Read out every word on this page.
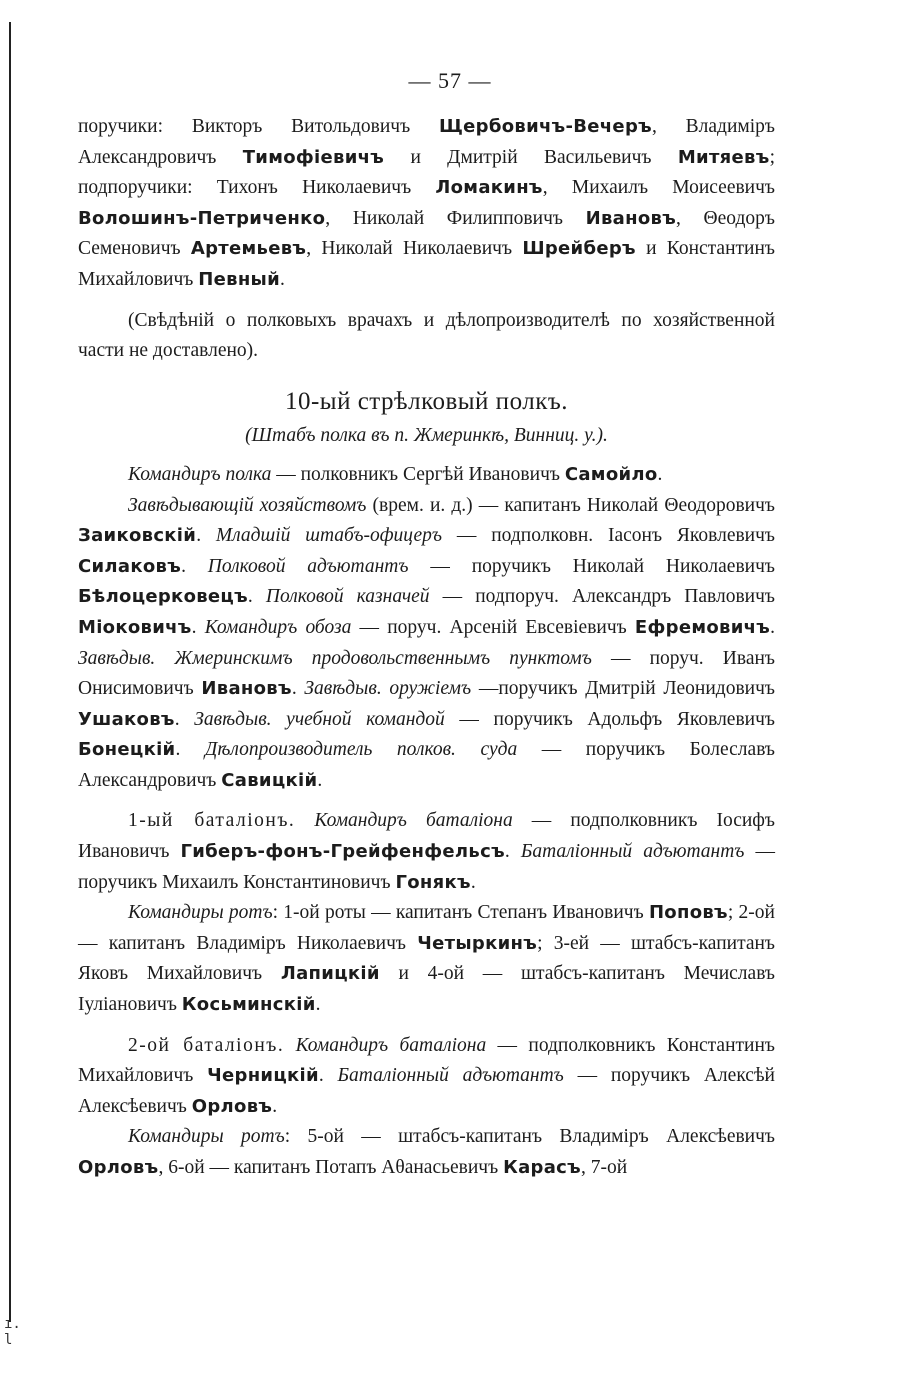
ı. l
— 57 —

поручики: Викторъ Витольдовичъ Щербовичъ-Вечеръ, Владиміръ Александровичъ Тимофіевичъ и Дмитрій Васильевичъ Митяевъ; подпоручики: Тихонъ Николаевичъ Ломакинъ, Михаилъ Моисеевичъ Волошинъ-Петриченко, Николай Филипповичъ Ивановъ, Θеодоръ Семеновичъ Артемьевъ, Николай Николаевичъ Шрейберъ и Константинъ Михайловичъ Певный.

(Свѣдѣній о полковыхъ врачахъ и дѣлопроизводителѣ по хозяйственной части не доставлено).

10-ый стрѣлковый полкъ.

(Штабъ полка въ п. Жмеринкѣ, Винниц. у.).

Командиръ полка — полковникъ Сергѣй Ивановичъ Самойло.

Завѣдывающій хозяйствомъ (врем. и. д.) — капитанъ Николай Θеодоровичъ Заиковскій. Младшій штабъ-офицеръ — подполковн. Іасонъ Яковлевичъ Силаковъ. Полковой адъютантъ — поручикъ Николай Николаевичъ Бѣлоцерковецъ. Полковой казначей — подпоруч. Александръ Павловичъ Міоковичъ. Командиръ обоза — поруч. Арсеній Евсевіевичъ Ефремовичъ. Завѣдыв. Жмеринскимъ продовольственнымъ пунктомъ — поруч. Иванъ Онисимовичъ Ивановъ. Завѣдыв. оружіемъ —поручикъ Дмитрій Леонидовичъ Ушаковъ. Завѣдыв. учебной командой — поручикъ Адольфъ Яковлевичъ Бонецкій. Дѣлопроизводитель полков. суда — поручикъ Болеславъ Александровичъ Савицкій.

1-ый баталіонъ. Командиръ баталіона — подполковникъ Іосифъ Ивановичъ Гиберъ-фонъ-Грейфенфельсъ. Баталіонный адъютантъ — поручикъ Михаилъ Константиновичъ Гонякъ.

Командиры ротъ: 1-ой роты — капитанъ Степанъ Ивановичъ Поповъ; 2-ой — капитанъ Владиміръ Николаевичъ Четыркинъ; 3-ей — штабсъ-капитанъ Яковъ Михайловичъ Лапицкій и 4-ой — штабсъ-капитанъ Мечиславъ Іуліановичъ Косьминскій.

2-ой баталіонъ. Командиръ баталіона — подполковникъ Константинъ Михайловичъ Черницкій. Баталіонный адъютантъ — поручикъ Алексѣй Алексѣевичъ Орловъ.

Командиры ротъ: 5-ой — штабсъ-капитанъ Владиміръ Алексѣевичъ Орловъ, 6-ой — капитанъ Потапъ Аθанасьевичъ Карасъ, 7-ой
